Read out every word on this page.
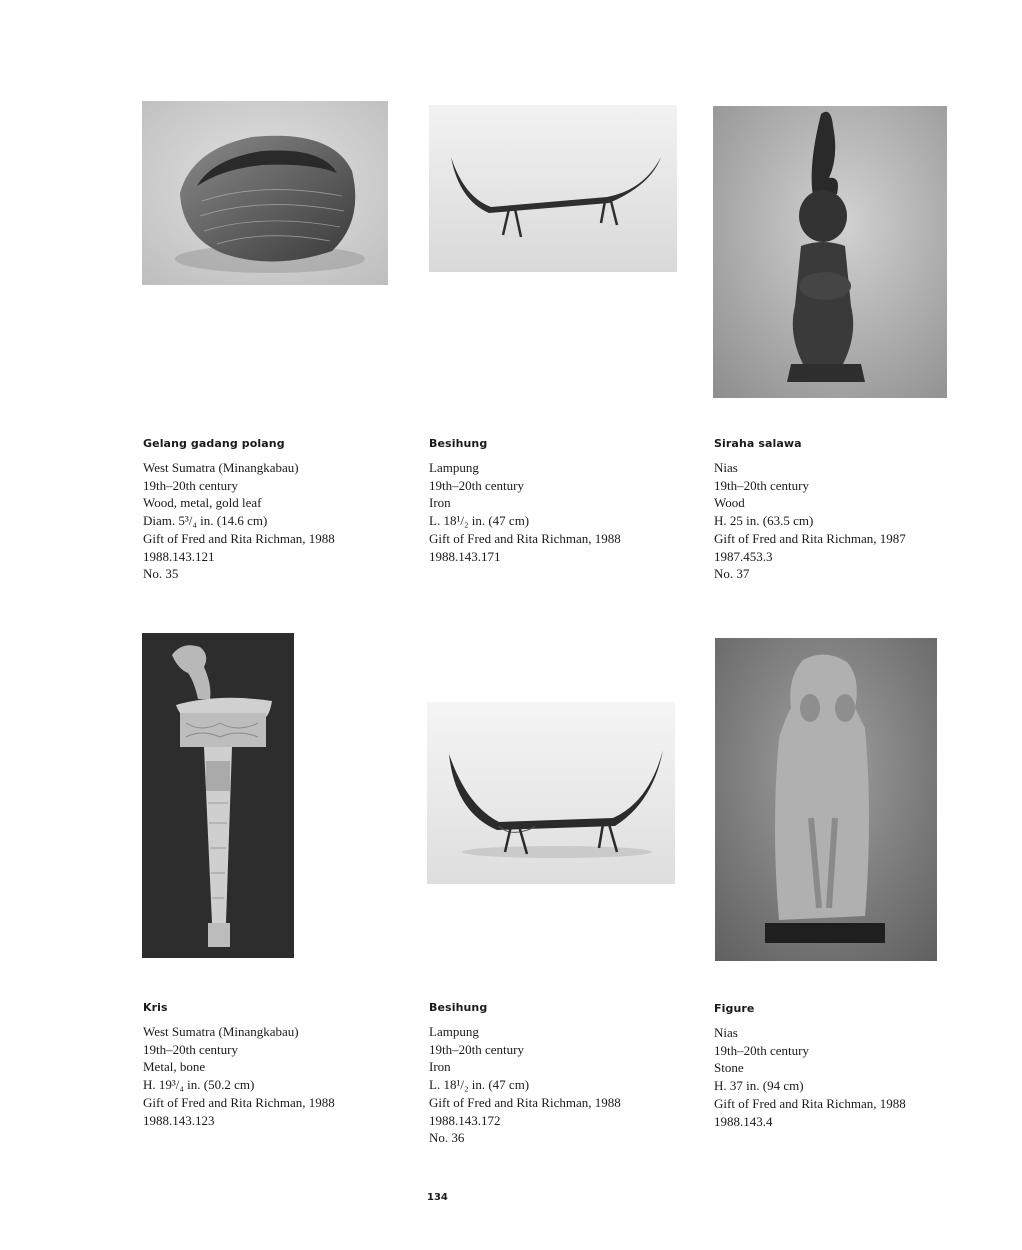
Gelang gadang polang

West Sumatra (Minangkabau)

19th–20th century

Wood, metal, gold leaf

Diam. 5³/₄ in. (14.6 cm)

Gift of Fred and Rita Richman, 1988

1988.143.121

No. 35

Besihung

Lampung

19th–20th century

Iron

L. 18¹/₂ in. (47 cm)

Gift of Fred and Rita Richman, 1988

1988.143.171

Siraha salawa

Nias

19th–20th century

Wood

H. 25 in. (63.5 cm)

Gift of Fred and Rita Richman, 1987

1987.453.3

No. 37

Kris

West Sumatra (Minangkabau)

19th–20th century

Metal, bone

H. 19³/₄ in. (50.2 cm)

Gift of Fred and Rita Richman, 1988

1988.143.123

Besihung

Lampung

19th–20th century

Iron

L. 18¹/₂ in. (47 cm)

Gift of Fred and Rita Richman, 1988

1988.143.172

No. 36

Figure

Nias

19th–20th century

Stone

H. 37 in. (94 cm)

Gift of Fred and Rita Richman, 1988

1988.143.4

134
